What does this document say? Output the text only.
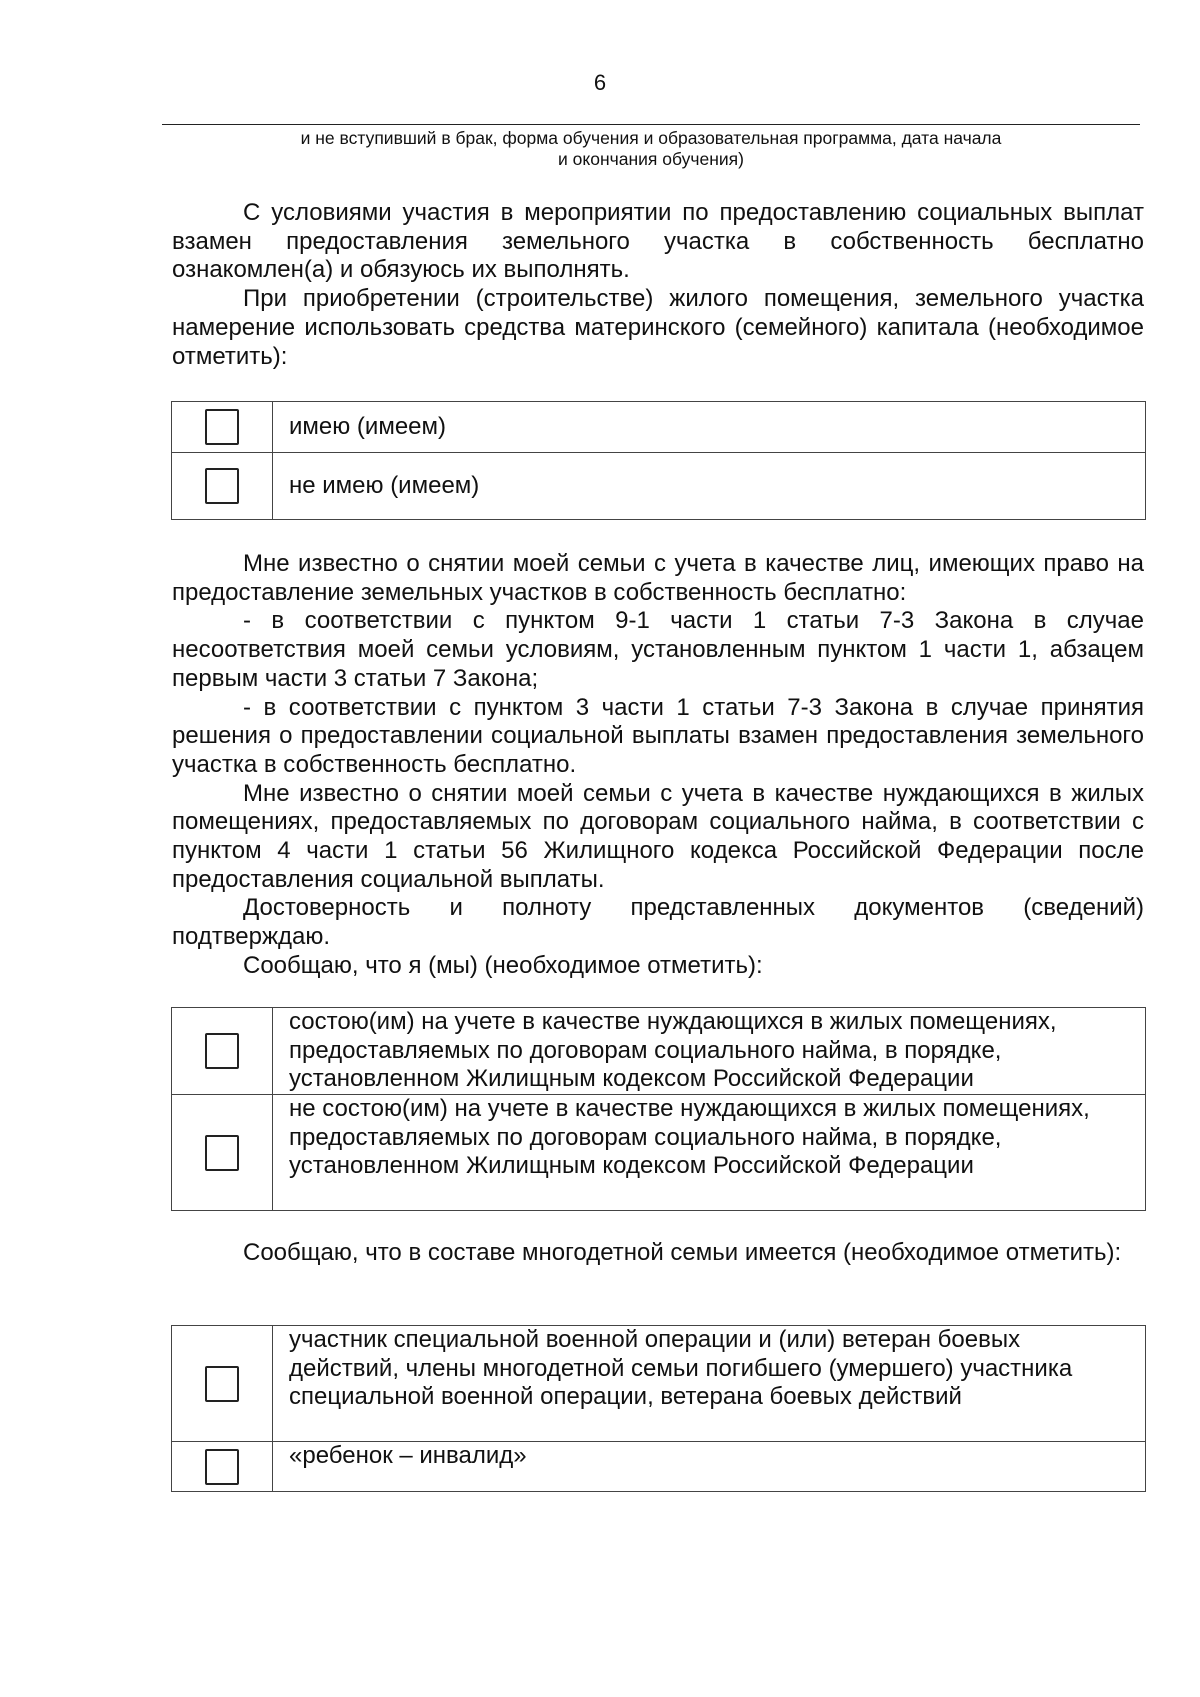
6
и не вступивший в брак, форма обучения и образовательная программа, дата начала
и окончания обучения)

С условиями участия в мероприятии по предоставлению социальных выплат взамен предоставления земельного участка в собственность бесплатно ознакомлен(а) и обязуюсь их выполнять.

При приобретении (строительстве) жилого помещения, земельного участка намерение использовать средства материнского (семейного) капитала (необходимое отметить):

	имею (имеем)
	не имею (имеем)

Мне известно о снятии моей семьи с учета в качестве лиц, имеющих право на предоставление земельных участков в собственность бесплатно:

- в соответствии с пунктом 9-1 части 1 статьи 7-3 Закона в случае несоответствия моей семьи условиям, установленным пунктом 1 части 1, абзацем первым части 3 статьи 7 Закона;

- в соответствии с пунктом 3 части 1 статьи 7-3 Закона в случае принятия решения о предоставлении социальной выплаты взамен предоставления земельного участка в собственность бесплатно.

Мне известно о снятии моей семьи с учета в качестве нуждающихся в жилых помещениях, предоставляемых по договорам социального найма, в соответствии с пунктом 4 части 1 статьи 56 Жилищного кодекса Российской Федерации после предоставления социальной выплаты.

Достоверность и полноту представленных документов (сведений) подтверждаю.

Сообщаю, что я (мы) (необходимое отметить):

	состою(им) на учете в качестве нуждающихся в жилых помещениях, предоставляемых по договорам социального найма, в порядке, установленном Жилищным кодексом Российской Федерации
	не состою(им) на учете в качестве нуждающихся в жилых помещениях, предоставляемых по договорам социального найма, в порядке, установленном Жилищным кодексом Российской Федерации

Сообщаю, что в составе многодетной семьи имеется (необходимое отметить):

	участник специальной военной операции и (или) ветеран боевых действий, члены многодетной семьи погибшего (умершего) участника специальной военной операции, ветерана боевых действий
	«ребенок – инвалид»
